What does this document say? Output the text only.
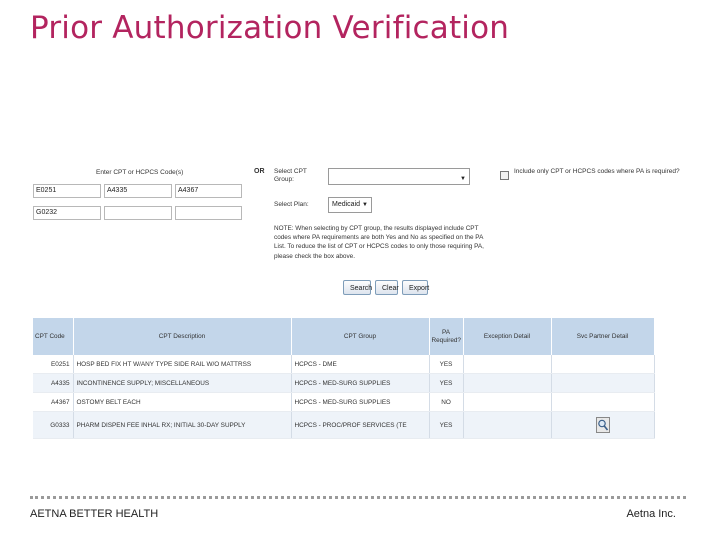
Prior Authorization Verification
Enter CPT or HCPCS Code(s)
E0251
A4335
A4367
G0232	OR Select CPT Group:	▼
Select Plan:	Medicaid ▼
Include only CPT or HCPCS codes where PA is required?
NOTE: When selecting by CPT group, the results displayed include CPT codes where PA requirements are both Yes and No as specified on the PA List. To reduce the list of CPT or HCPCS codes to only those requiring PA, please check the box above.
Search	Clear	Export
CPT Code	CPT Description	CPT Group	PA Required?	Exception Detail	Svc Partner Detail
E0251	HOSP BED FIX HT W/ANY TYPE SIDE RAIL W/O MATTRSS	HCPCS - DME	YES		
A4335	INCONTINENCE SUPPLY; MISCELLANEOUS	HCPCS - MED-SURG SUPPLIES	YES		
A4367	OSTOMY BELT EACH	HCPCS - MED-SURG SUPPLIES	NO		
G0333	PHARM DISPEN FEE INHAL RX; INITIAL 30-DAY SUPPLY	HCPCS - PROC/PROF SERVICES (TE	YES		
AETNA BETTER HEALTH	Aetna Inc.
